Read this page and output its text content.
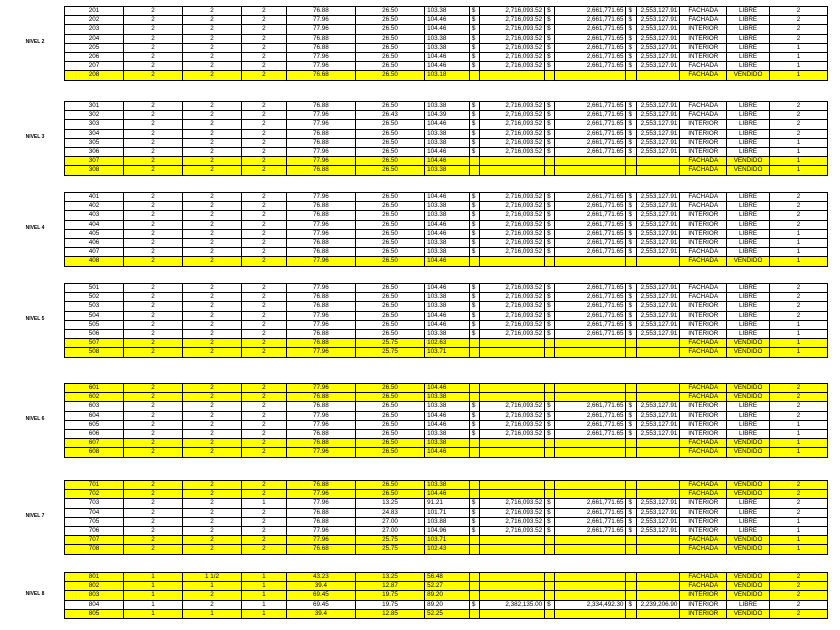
NIVEL 2
201	2	2	2	76.88	26.50	103.38	$	2,716,093.52	$	2,661,771.65	$	2,553,127.91	FACHADA	LIBRE	2
202	2	2	2	77.96	26.50	104.46	$	2,716,093.52	$	2,661,771.65	$	2,553,127.91	FACHADA	LIBRE	2
203	2	2	2	77.96	26.50	104.46	$	2,716,093.52	$	2,661,771.65	$	2,553,127.91	INTERIOR	LIBRE	2
204	2	2	2	76.88	26.50	103.38	$	2,716,093.52	$	2,661,771.65	$	2,553,127.91	INTERIOR	LIBRE	2
205	2	2	2	76.88	26.50	103.38	$	2,716,093.52	$	2,661,771.65	$	2,553,127.91	INTERIOR	LIBRE	1
206	2	2	2	77.96	26.50	104.46	$	2,716,093.52	$	2,661,771.65	$	2,553,127.91	INTERIOR	LIBRE	1
207	2	2	2	77.96	26.50	104.46	$	2,716,093.52	$	2,661,771.65	$	2,553,127.91	FACHADA	LIBRE	1
208	2	2	2	76.68	26.50	103.18							FACHADA	VENDIDO	1
NIVEL 3
301	2	2	2	76.88	26.50	103.38	$	2,716,093.52	$	2,661,771.65	$	2,553,127.91	FACHADA	LIBRE	2
302	2	2	2	77.96	26.43	104.39	$	2,716,093.52	$	2,661,771.65	$	2,553,127.91	FACHADA	LIBRE	2
303	2	2	2	77.96	26.50	104.46	$	2,716,093.52	$	2,661,771.65	$	2,553,127.91	INTERIOR	LIBRE	2
304	2	2	2	76.88	26.50	103.38	$	2,716,093.52	$	2,661,771.65	$	2,553,127.91	INTERIOR	LIBRE	2
305	2	2	2	76.88	26.50	103.38	$	2,716,093.52	$	2,661,771.65	$	2,553,127.91	INTERIOR	LIBRE	1
306	2	2	2	77.96	26.50	104.46	$	2,716,093.52	$	2,661,771.65	$	2,553,127.91	INTERIOR	LIBRE	1
307	2	2	2	77.96	26.50	104.46							FACHADA	VENDIDO	1
308	2	2	2	76.88	26.50	103.38							FACHADA	VENDIDO	1
NIVEL 4
401	2	2	2	77.96	26.50	104.46	$	2,716,093.52	$	2,661,771.65	$	2,553,127.91	FACHADA	LIBRE	2
402	2	2	2	76.88	26.50	103.38	$	2,716,093.52	$	2,661,771.65	$	2,553,127.91	FACHADA	LIBRE	2
403	2	2	2	76.88	26.50	103.38	$	2,716,093.52	$	2,661,771.65	$	2,553,127.91	INTERIOR	LIBRE	2
404	2	2	2	77.96	26.50	104.46	$	2,716,093.52	$	2,661,771.65	$	2,553,127.91	INTERIOR	LIBRE	2
405	2	2	2	77.96	26.50	104.46	$	2,716,093.52	$	2,661,771.65	$	2,553,127.91	INTERIOR	LIBRE	1
406	2	2	2	76.88	26.50	103.38	$	2,716,093.52	$	2,661,771.65	$	2,553,127.91	INTERIOR	LIBRE	1
407	2	2	2	76.88	26.50	103.38	$	2,716,093.52	$	2,661,771.65	$	2,553,127.91	FACHADA	LIBRE	1
408	2	2	2	77.96	26.50	104.46							FACHADA	VENDIDO	1
NIVEL 5
501	2	2	2	77.96	26.50	104.46	$	2,716,093.52	$	2,661,771.65	$	2,553,127.91	FACHADA	LIBRE	2
502	2	2	2	76.88	26.50	103.38	$	2,716,093.52	$	2,661,771.65	$	2,553,127.91	FACHADA	LIBRE	2
503	2	2	2	76.88	26.50	103.38	$	2,716,093.52	$	2,661,771.65	$	2,553,127.91	INTERIOR	LIBRE	2
504	2	2	2	77.96	26.50	104.46	$	2,716,093.52	$	2,661,771.65	$	2,553,127.91	INTERIOR	LIBRE	2
505	2	2	2	77.96	26.50	104.46	$	2,716,093.52	$	2,661,771.65	$	2,553,127.91	INTERIOR	LIBRE	1
506	2	2	2	76.88	26.50	103.38	$	2,716,093.52	$	2,661,771.65	$	2,553,127.91	INTERIOR	LIBRE	1
507	2	2	2	76.88	25.75	102.63							FACHADA	VENDIDO	1
508	2	2	2	77.96	25.75	103.71							FACHADA	VENDIDO	1
NIVEL 6
601	2	2	2	77.96	26.50	104.46							FACHADA	VENDIDO	2
602	2	2	2	76.88	26.50	103.38							FACHADA	VENDIDO	2
603	2	2	2	76.88	26.50	103.38	$	2,716,093.52	$	2,661,771.65	$	2,553,127.91	INTERIOR	LIBRE	2
604	2	2	2	77.96	26.50	104.46	$	2,716,093.52	$	2,661,771.65	$	2,553,127.91	INTERIOR	LIBRE	2
605	2	2	2	77.96	26.50	104.46	$	2,716,093.52	$	2,661,771.65	$	2,553,127.91	INTERIOR	LIBRE	1
606	2	2	2	76.88	26.50	103.38	$	2,716,093.52	$	2,661,771.65	$	2,553,127.91	INTERIOR	LIBRE	1
607	2	2	2	76.88	26.50	103.38							FACHADA	VENDIDO	1
608	2	2	2	77.96	26.50	104.46							FACHADA	VENDIDO	1
NIVEL 7
701	2	2	2	76.88	26.50	103.38							FACHADA	VENDIDO	2
702	2	2	2	77.96	26.50	104.46							FACHADA	VENDIDO	2
703	2	2	1	77.96	13.25	91.21	$	2,716,093.52	$	2,661,771.65	$	2,553,127.91	INTERIOR	LIBRE	2
704	2	2	2	76.88	24.83	101.71	$	2,716,093.52	$	2,661,771.65	$	2,553,127.91	INTERIOR	LIBRE	2
705	2	2	2	76.88	27.00	103.88	$	2,716,093.52	$	2,661,771.65	$	2,553,127.91	INTERIOR	LIBRE	1
706	2	2	2	77.96	27.00	104.96	$	2,716,093.52	$	2,661,771.65	$	2,553,127.91	INTERIOR	LIBRE	1
707	2	2	2	77.96	25.75	103.71							FACHADA	VENDIDO	1
708	2	2	2	76.68	25.75	102.43							FACHADA	VENDIDO	1
NIVEL 8
801	1	1 1/2	1	43.23	13.25	56.48							FACHADA	VENDIDO	2
802	1	1	1	39.4	12.87	52.27							FACHADA	VENDIDO	2
803	1	2	1	69.45	19.75	89.20							INTERIOR	VENDIDO	2
804	1	2	1	69.45	19.75	89.20	$	2,382,135.00	$	2,334,492.30	$	2,239,206.90	INTERIOR	LIBRE	2
805	1	1	1	39.4	12.85	52.25							INTERIOR	VENDIDO	2
